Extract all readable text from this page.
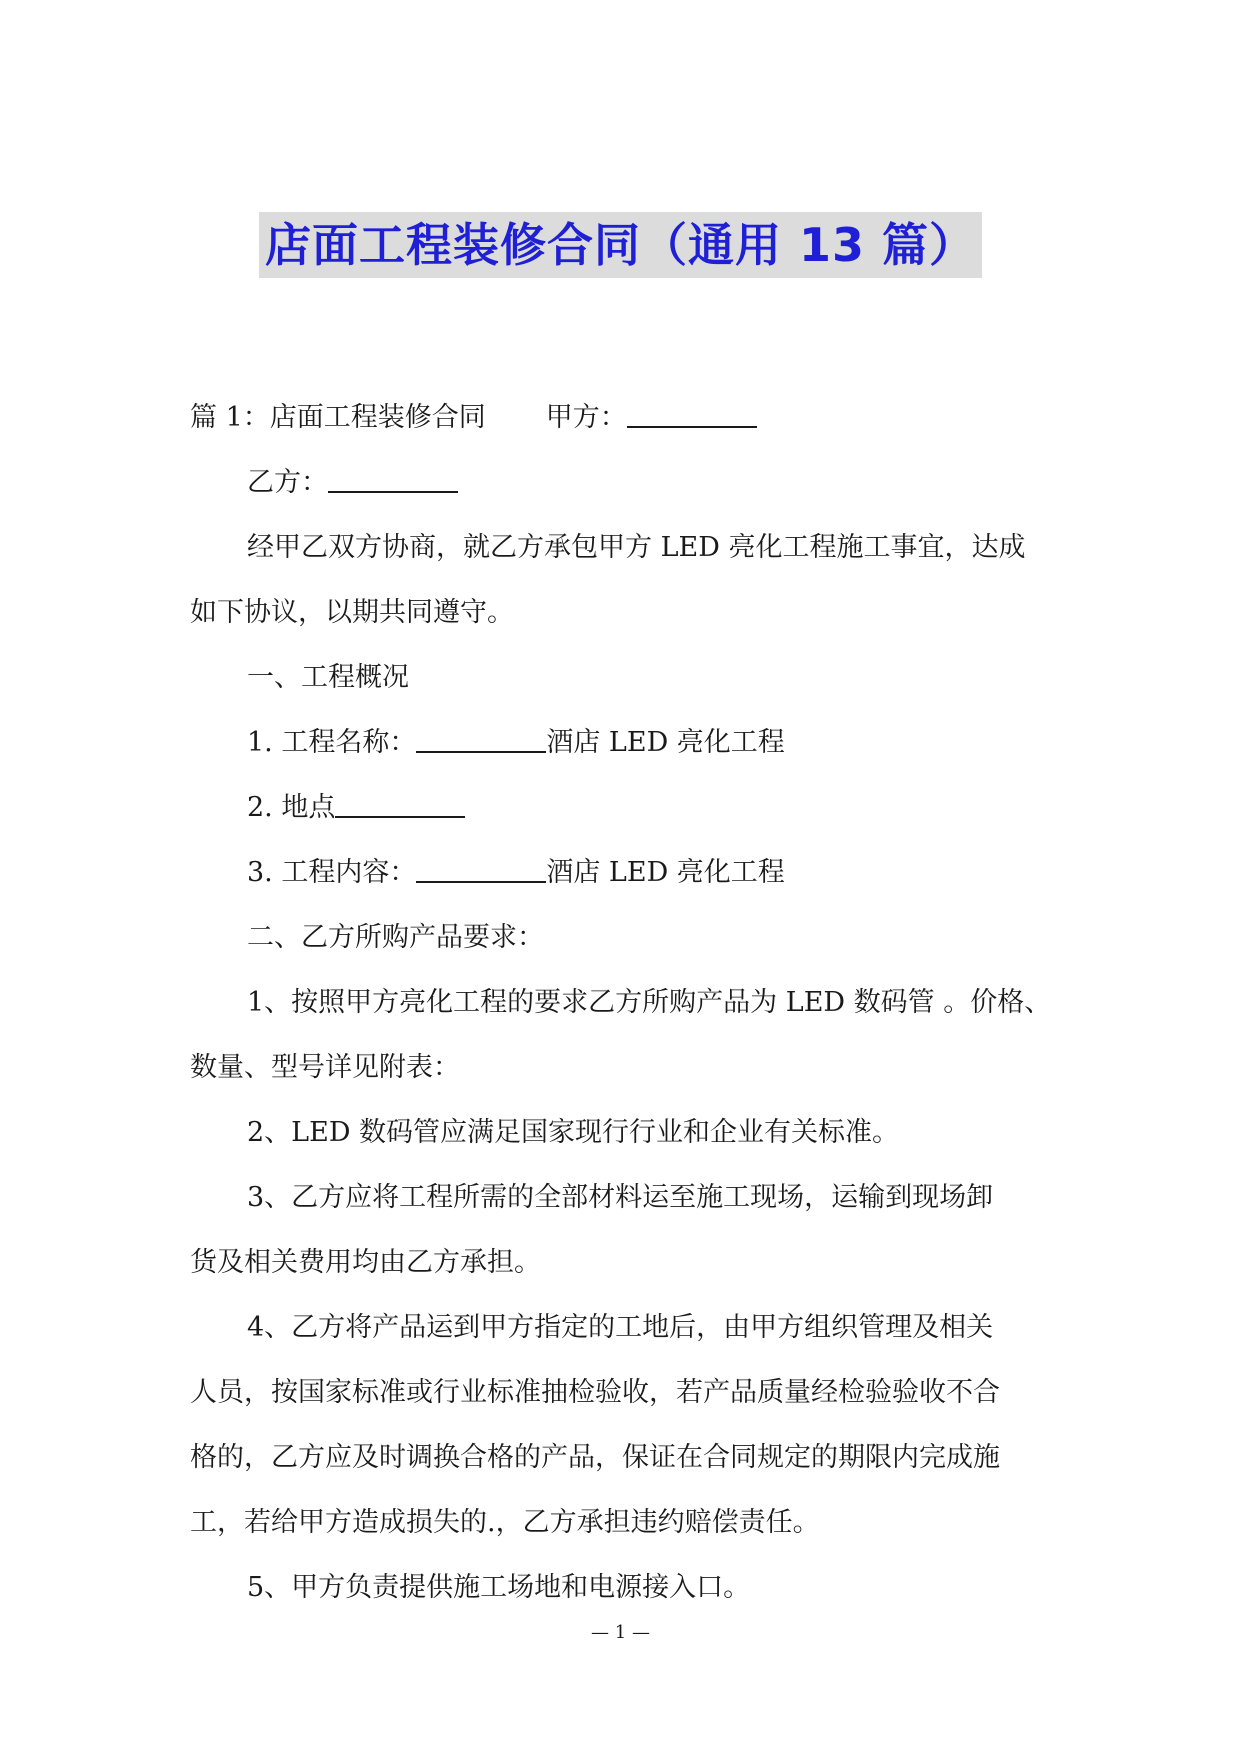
店面工程装修合同（通用 13 篇）
篇 1：店面工程装修合同 甲方：
乙方：
经甲乙双方协商，就乙方承包甲方 LED 亮化工程施工事宜，达成
如下协议，以期共同遵守。
一、工程概况
1. 工程名称：	酒店 LED 亮化工程
2. 地点
3. 工程内容：	酒店 LED 亮化工程
二、乙方所购产品要求：
1、按照甲方亮化工程的要求乙方所购产品为 LED 数码管 。价格、
数量、型号详见附表：
2、LED 数码管应满足国家现行行业和企业有关标准。
3、乙方应将工程所需的全部材料运至施工现场，运输到现场卸
货及相关费用均由乙方承担。
4、乙方将产品运到甲方指定的工地后，由甲方组织管理及相关
人员，按国家标准或行业标准抽检验收，若产品质量经检验验收不合
格的，乙方应及时调换合格的产品，保证在合同规定的期限内完成施
工，若给甲方造成损失的.，乙方承担违约赔偿责任。
5、甲方负责提供施工场地和电源接入口。
— 1 —
